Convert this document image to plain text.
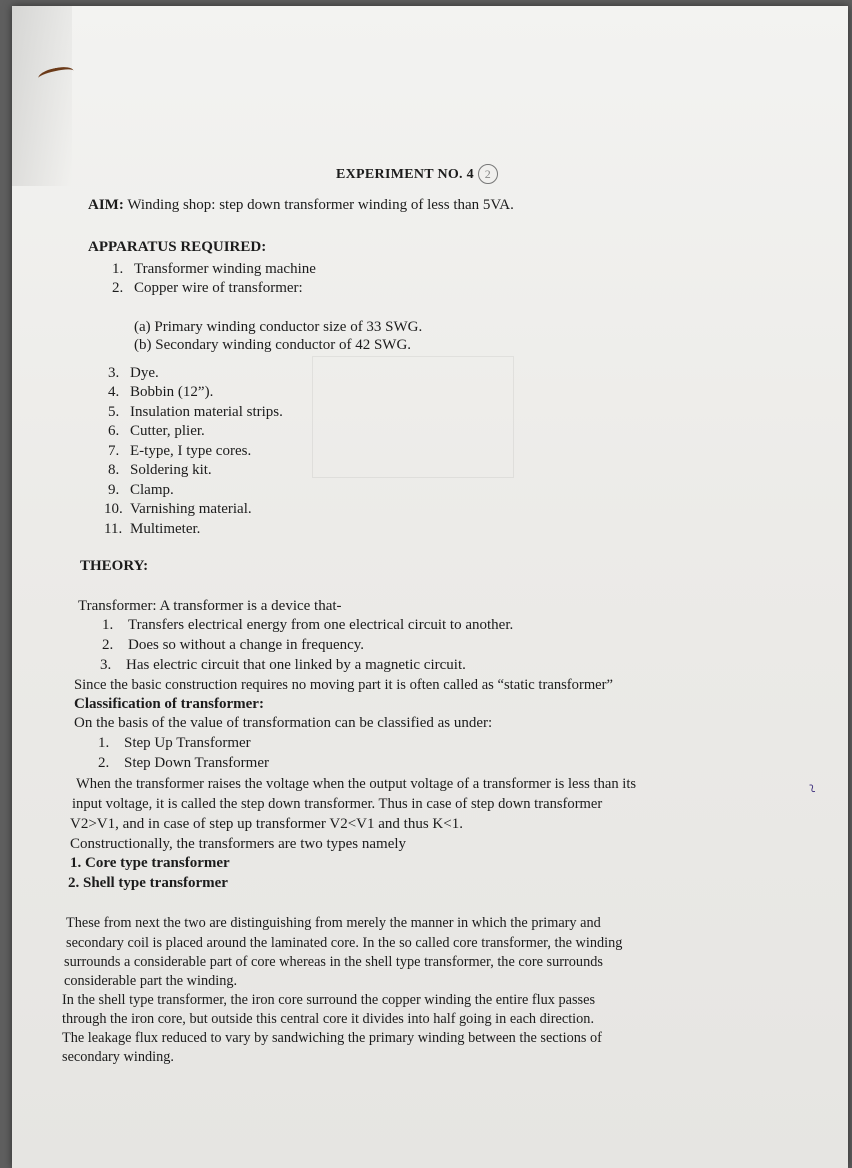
~
EXPERIMENT NO. 4 2
AIM: Winding shop: step down transformer winding of less than 5VA.
APPARATUS REQUIRED:
1. Transformer winding machine
2. Copper wire of transformer:
(a) Primary winding conductor size of 33 SWG.
(b) Secondary winding conductor of 42 SWG.
3. Dye.
4. Bobbin (12”).
5. Insulation material strips.
6. Cutter, plier.
7. E-type, I type cores.
8. Soldering kit.
9. Clamp.
10. Varnishing material.
11. Multimeter.
THEORY:
Transformer: A transformer is a device that-
1. Transfers electrical energy from one electrical circuit to another.
2. Does so without a change in frequency.
3. Has electric circuit that one linked by a magnetic circuit.
Since the basic construction requires no moving part it is often called as “static transformer”
Classification of transformer:
On the basis of the value of transformation can be classified as under:
1. Step Up Transformer
2. Step Down Transformer
When the transformer raises the voltage when the output voltage of a transformer is less than its
input voltage, it is called the step down transformer. Thus in case of step down transformer
V2>V1, and in case of step up transformer V2<V1 and thus K<1.
Constructionally, the transformers are two types namely
1. Core type transformer
2. Shell type transformer
These from next the two are distinguishing from merely the manner in which the primary and
secondary coil is placed around the laminated core. In the so called core transformer, the winding
surrounds a considerable part of core whereas in the shell type transformer, the core surrounds
considerable part the winding.
In the shell type transformer, the iron core surround the copper winding the entire flux passes
through the iron core, but outside this central core it divides into half going in each direction.
The leakage flux reduced to vary by sandwiching the primary winding between the sections of
secondary winding.
